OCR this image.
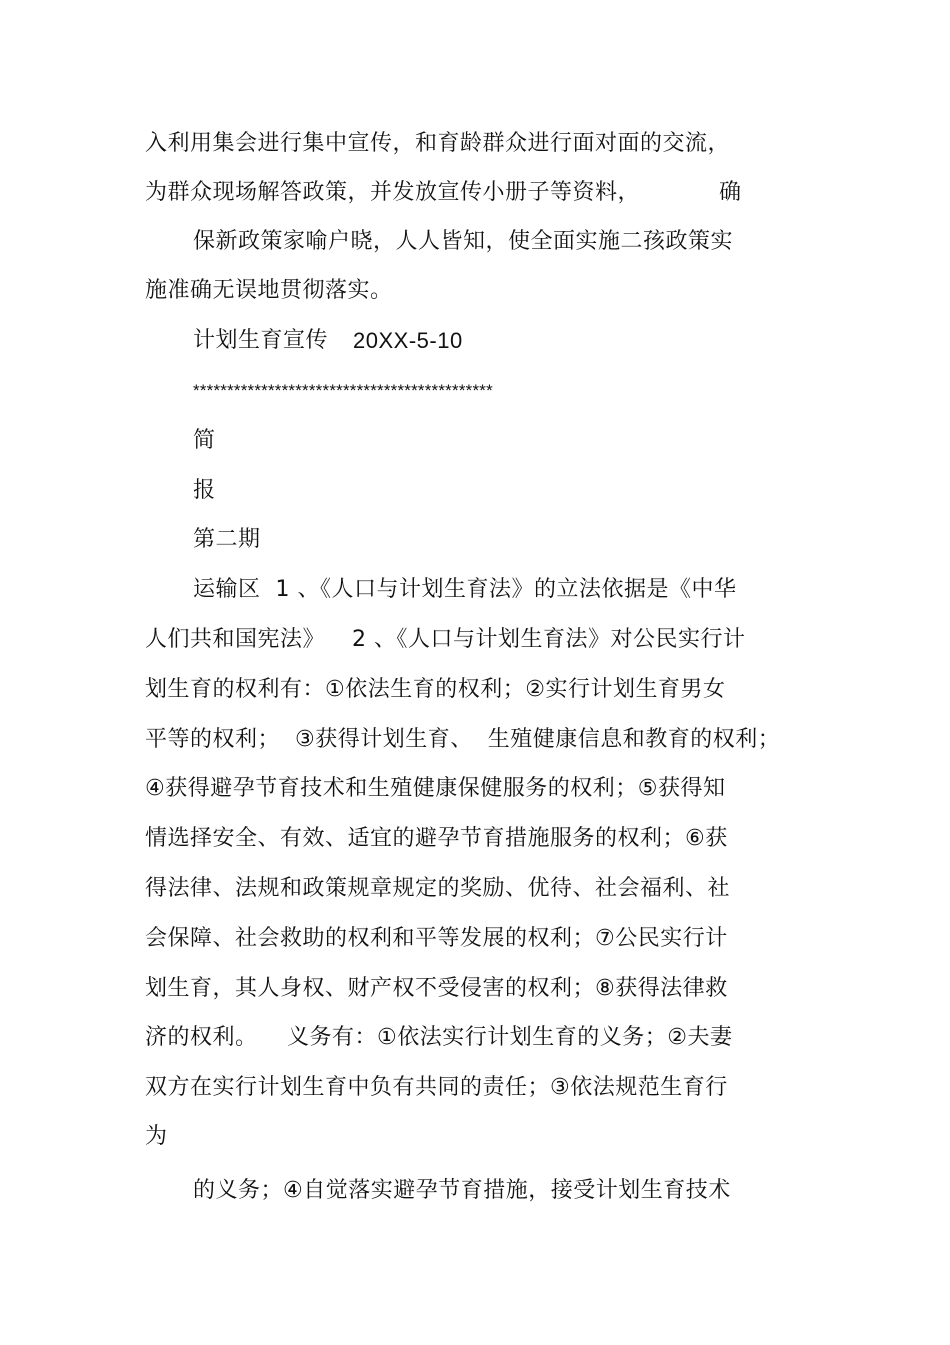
入利用集会进行集中宣传，和育龄群众进行面对面的交流，
为群众现场解答政策，并发放宣传小册子等资料，	确
保新政策家喻户晓，人人皆知，使全面实施二孩政策实
施准确无误地贯彻落实。
计划生育宣传 20XX-5-10
********************************************
简
报
第二期
运输区  1 、《人口与计划生育法》的立法依据是《中华
人们共和国宪法》 2 、《人口与计划生育法》对公民实行计
划生育的权利有：①依法生育的权利；②实行计划生育男女
平等的权利；  ③获得计划生育、  生殖健康信息和教育的权利；
④获得避孕节育技术和生殖健康保健服务的权利；⑤获得知
情选择安全、有效、适宜的避孕节育措施服务的权利；⑥获
得法律、法规和政策规章规定的奖励、优待、社会福利、社
会保障、社会救助的权利和平等发展的权利；⑦公民实行计
划生育，其人身权、财产权不受侵害的权利；⑧获得法律救
济的权利。 义务有：①依法实行计划生育的义务；②夫妻
双方在实行计划生育中负有共同的责任；③依法规范生育行
为
的义务；④自觉落实避孕节育措施，接受计划生育技术
